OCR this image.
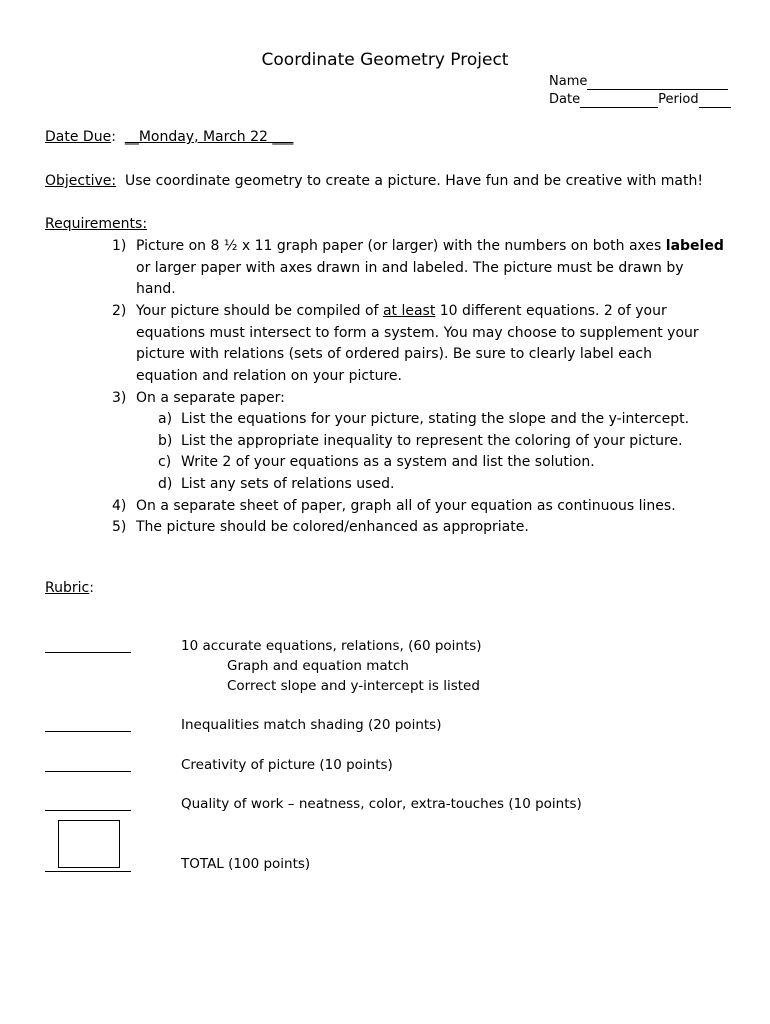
Coordinate Geometry Project
Name
Date	Period
Date Due: __Monday, March 22 ___
Objective: Use coordinate geometry to create a picture. Have fun and be creative with math!
Requirements:
1) Picture on 8 ½ x 11 graph paper (or larger) with the numbers on both axes labeled
or larger paper with axes drawn in and labeled. The picture must be drawn by
hand.
2) Your picture should be compiled of at least 10 different equations. 2 of your
equations must intersect to form a system. You may choose to supplement your
picture with relations (sets of ordered pairs). Be sure to clearly label each
equation and relation on your picture.
3) On a separate paper:
a) List the equations for your picture, stating the slope and the y-intercept.
b) List the appropriate inequality to represent the coloring of your picture.
c) Write 2 of your equations as a system and list the solution.
d) List any sets of relations used.
4) On a separate sheet of paper, graph all of your equation as continuous lines.
5) The picture should be colored/enhanced as appropriate.
Rubric:
10 accurate equations, relations, (60 points)
Graph and equation match
Correct slope and y-intercept is listed
Inequalities match shading (20 points)
Creativity of picture (10 points)
Quality of work – neatness, color, extra-touches (10 points)
TOTAL (100 points)
